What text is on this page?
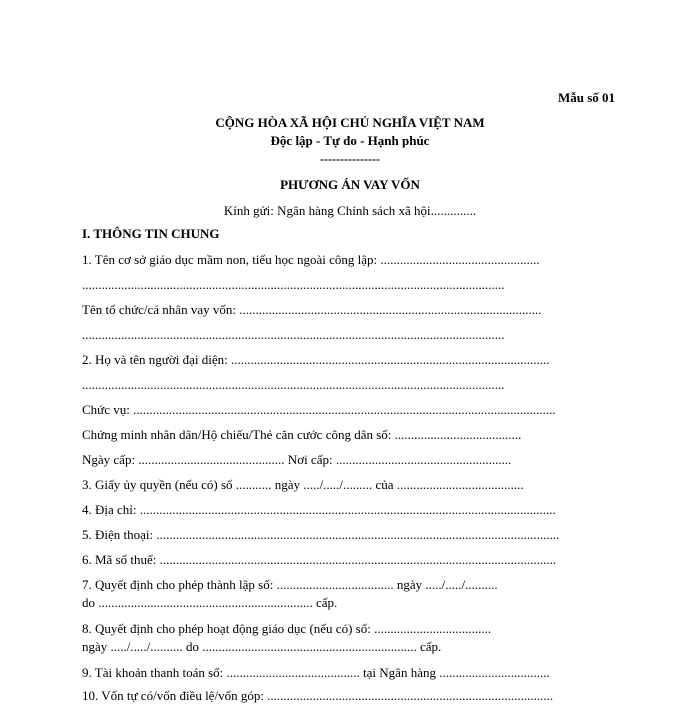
Mẫu số 01
CỘNG HÒA XÃ HỘI CHỦ NGHĨA VIỆT NAM
Độc lập - Tự do - Hạnh phúc
---------------
PHƯƠNG ÁN VAY VỐN
Kính gửi: Ngân hàng Chính sách xã hội..............
I. THÔNG TIN CHUNG
1. Tên cơ sở giáo dục mầm non, tiểu học ngoài công lập: .................................................
..................................................................................................................................
Tên tổ chức/cá nhân vay vốn: .............................................................................................
..................................................................................................................................
2. Họ và tên người đại diện: ..................................................................................................
..................................................................................................................................
Chức vụ: ..................................................................................................................................
Chứng minh nhân dân/Hộ chiếu/Thẻ căn cước công dân số: .......................................
Ngày cấp: ............................................. Nơi cấp: ......................................................
3. Giấy ủy quyền (nếu có) số ........... ngày ...../...../......... của .......................................
4. Địa chỉ: ................................................................................................................................
5. Điện thoại: ............................................................................................................................
6. Mã số thuế: ..........................................................................................................................
7. Quyết định cho phép thành lập số: .................................... ngày ...../...../..........
do .................................................................. cấp.
8. Quyết định cho phép hoạt động giáo dục (nếu có) số: ....................................
ngày ...../...../.......... do .................................................................. cấp.
9. Tài khoản thanh toán số: ......................................... tại Ngân hàng ..................................
10. Vốn tự có/vốn điều lệ/vốn góp: ........................................................................................
